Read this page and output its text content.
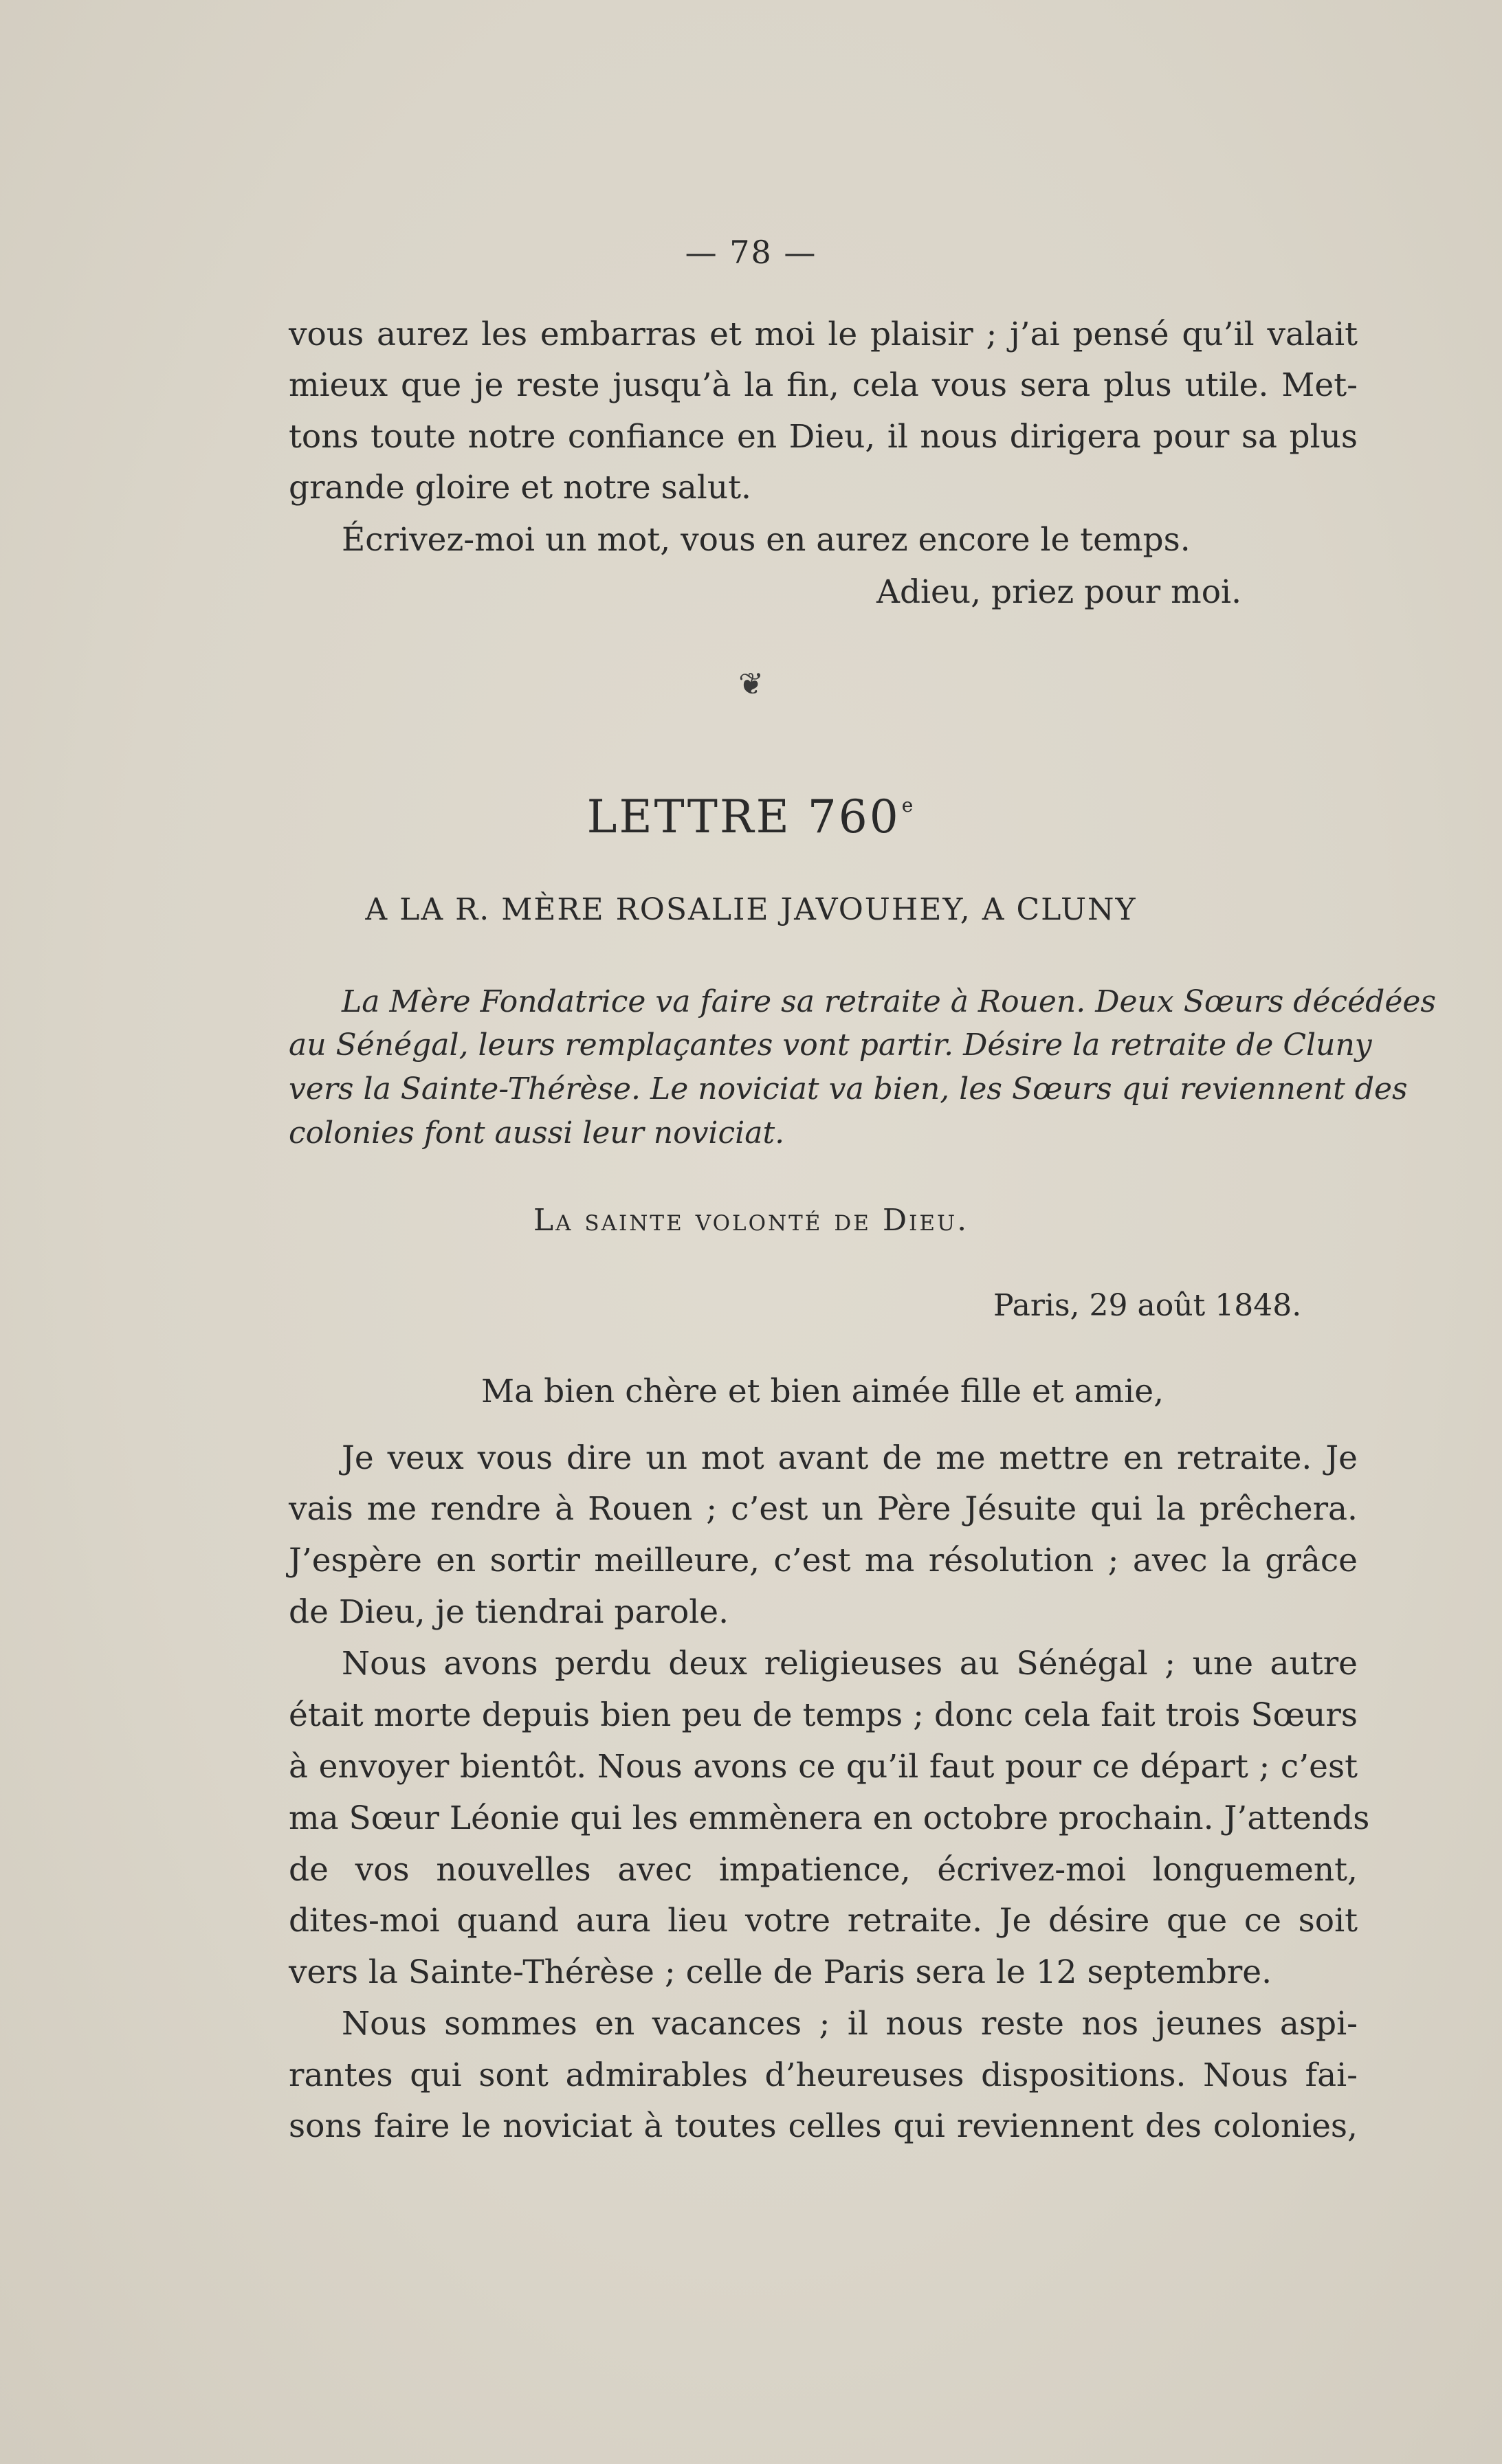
— 78 —
vous aurez les embarras et moi le plaisir ; j’ai pensé qu’il valait
mieux que je reste jusqu’à la fin, cela vous sera plus utile. Met-
tons toute notre confiance en Dieu, il nous dirigera pour sa plus
grande gloire et notre salut.
Écrivez-moi un mot, vous en aurez encore le temps.
Adieu, priez pour moi.
❦
LETTRE 760e
A LA R. MÈRE ROSALIE JAVOUHEY, A CLUNY
La Mère Fondatrice va faire sa retraite à Rouen. Deux Sœurs décédées
au Sénégal, leurs remplaçantes vont partir. Désire la retraite de Cluny
vers la Sainte-Thérèse. Le noviciat va bien, les Sœurs qui reviennent des
colonies font aussi leur noviciat.
La sainte volonté de Dieu.
Paris, 29 août 1848.
Ma bien chère et bien aimée fille et amie,
Je veux vous dire un mot avant de me mettre en retraite. Je
vais me rendre à Rouen ; c’est un Père Jésuite qui la prêchera.
J’espère en sortir meilleure, c’est ma résolution ; avec la grâce
de Dieu, je tiendrai parole.
Nous avons perdu deux religieuses au Sénégal ; une autre
était morte depuis bien peu de temps ; donc cela fait trois Sœurs
à envoyer bientôt. Nous avons ce qu’il faut pour ce départ ; c’est
ma Sœur Léonie qui les emmènera en octobre prochain. J’attends
de vos nouvelles avec impatience, écrivez-moi longuement,
dites-moi quand aura lieu votre retraite. Je désire que ce soit
vers la Sainte-Thérèse ; celle de Paris sera le 12 septembre.
Nous sommes en vacances ; il nous reste nos jeunes aspi-
rantes qui sont admirables d’heureuses dispositions. Nous fai-
sons faire le noviciat à toutes celles qui reviennent des colonies,
